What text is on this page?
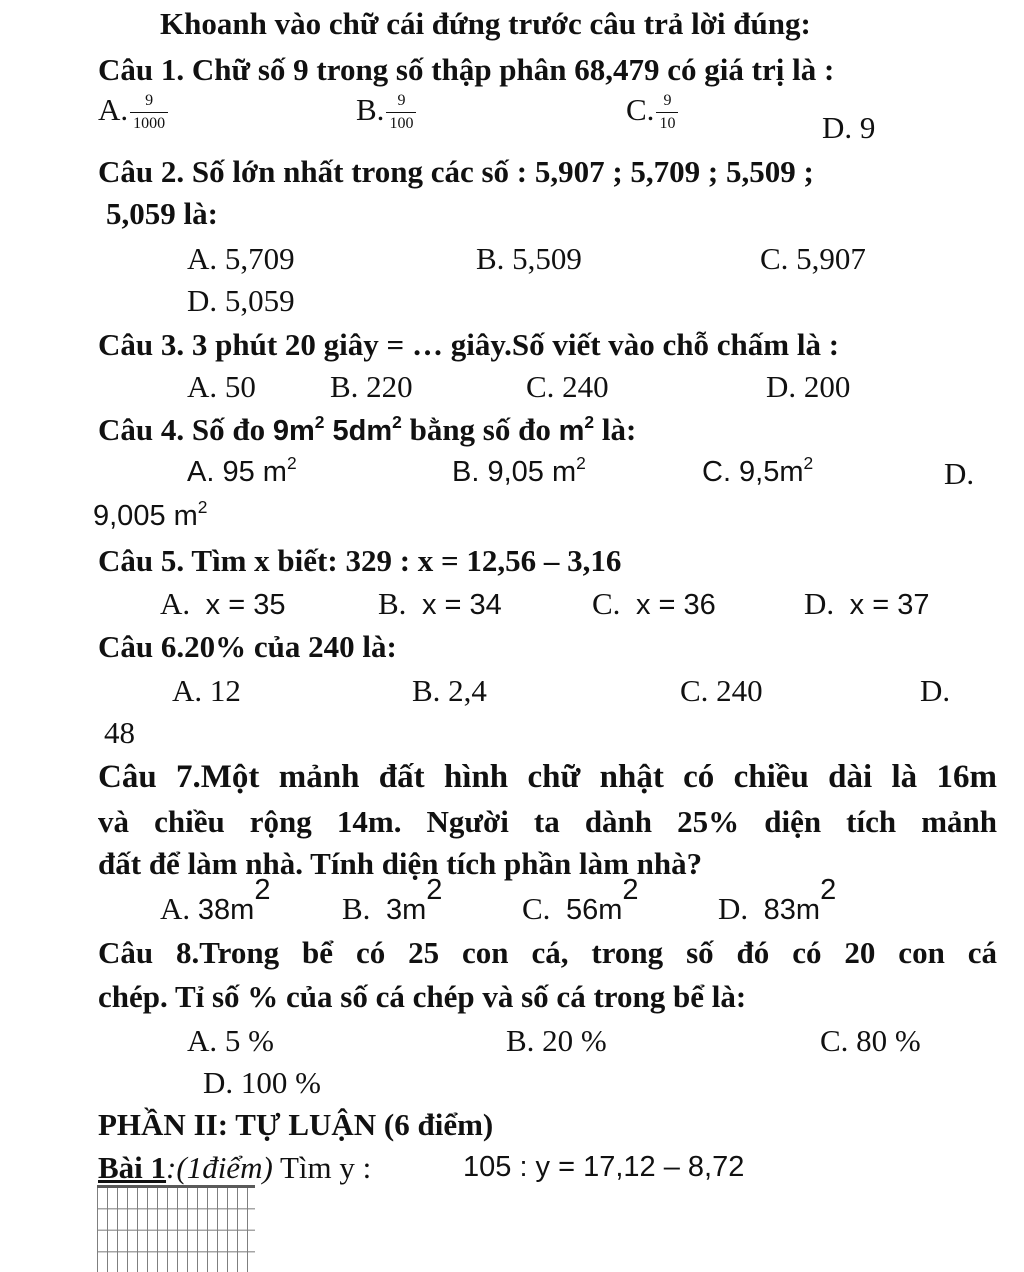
Khoanh vào chữ cái đứng trước câu trả lời đúng:
Câu 1. Chữ số 9 trong số thập phân 68,479 có giá trị là :
A. $\frac{9}{1000}$	B. $\frac{9}{100}$	C. $\frac{9}{10}$	D. 9
Câu 2. Số lớn nhất trong các số : 5,907 ; 5,709 ; 5,509 ;
5,059 là:
A. 5,709	B. 5,509	C. 5,907
D. 5,059
Câu 3. 3 phút 20 giây = … giây.Số viết vào chỗ chấm là :
A. 50 B. 220	C. 240	D. 200
Câu 4. Số đo $9m^2$ $5dm^2$ bằng số đo $m^2$ là:
A. 95 $m^2$	B. 9,05 $m^2$	C. $9,5m^2$	D.
9,005 $m^2$
Câu 5. Tìm x biết: 329 : x = 12,56 – 3,16
A. x = 35	B. x = 34	C. x = 36	D. x = 37
Câu 6.20% của 240 là:
A. 12	B. 2,4	C. 240	D.
48
Câu 7.Một mảnh đất hình chữ nhật có chiều dài là 16m
và chiều rộng 14m. Người ta dành 25% diện tích mảnh
đất để làm nhà. Tính diện tích phần làm nhà?
A. $38m^2$
B. $3m^2$
C. $56m^2$
D. $83m^2$
Câu 8.Trong bể có 25 con cá, trong số đó có 20 con cá
chép. Tỉ số % của số cá chép và số cá trong bể là:
A. 5 %	B. 20 %	C. 80 %
D. 100 %
PHẦN II: TỰ LUẬN (6 điểm)
Bài 1:(1điểm) Tìm y :	105 : y = 17,12 – 8,72
